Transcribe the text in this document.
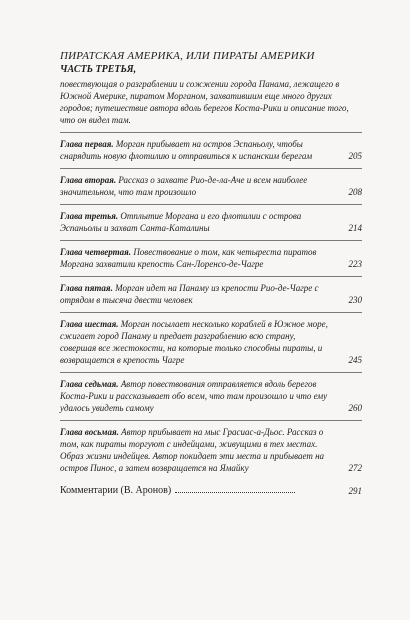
ПИРАТСКАЯ АМЕРИКА, ИЛИ ПИРАТЫ АМЕРИКИ

ЧАСТЬ ТРЕТЬЯ,

повествующая о разграблении и сожжении города Панама, лежащего в Южной Америке, пиратом Морганом, захватившим еще много других городов; путешествие автора вдоль берегов Коста-Рики и описание того, что он видел там.

Глава первая. Морган прибывает на остров Эспаньолу, чтобы снарядить новую флотилию и отправиться к испанским берегам	205
Глава вторая. Рассказ о захвате Рио-де-ла-Аче и всем наиболее значительном, что там произошло	208
Глава третья. Отплытие Моргана и его флотилии с острова Эспаньолы и захват Санта-Каталины	214
Глава четвертая. Повествование о том, как четыреста пиратов Моргана захватили крепость Сан-Лоренсо-де-Чагре	223
Глава пятая. Морган идет на Панаму из крепости Рио-де-Чагре с отрядом в тысяча двести человек	230
Глава шестая. Морган посылает несколько кораблей в Южное море, сжигает город Панаму и предает разграблению всю страну, совершая все жестокости, на которые только способны пираты, и возвращается в крепость Чагре	245
Глава седьмая. Автор повествования отправляется вдоль берегов Коста-Рики и рассказывает обо всем, что там произошло и что ему удалось увидеть самому	260
Глава восьмая. Автор прибывает на мыс Грасиас-а-Дьос. Рассказ о том, как пираты торгуют с индейцами, живущими в тех местах. Образ жизни индейцев. Автор покидает эти места и прибывает на остров Пинос, а затем возвращается на Ямайку	272
Комментарии (В. Аронов)	291
